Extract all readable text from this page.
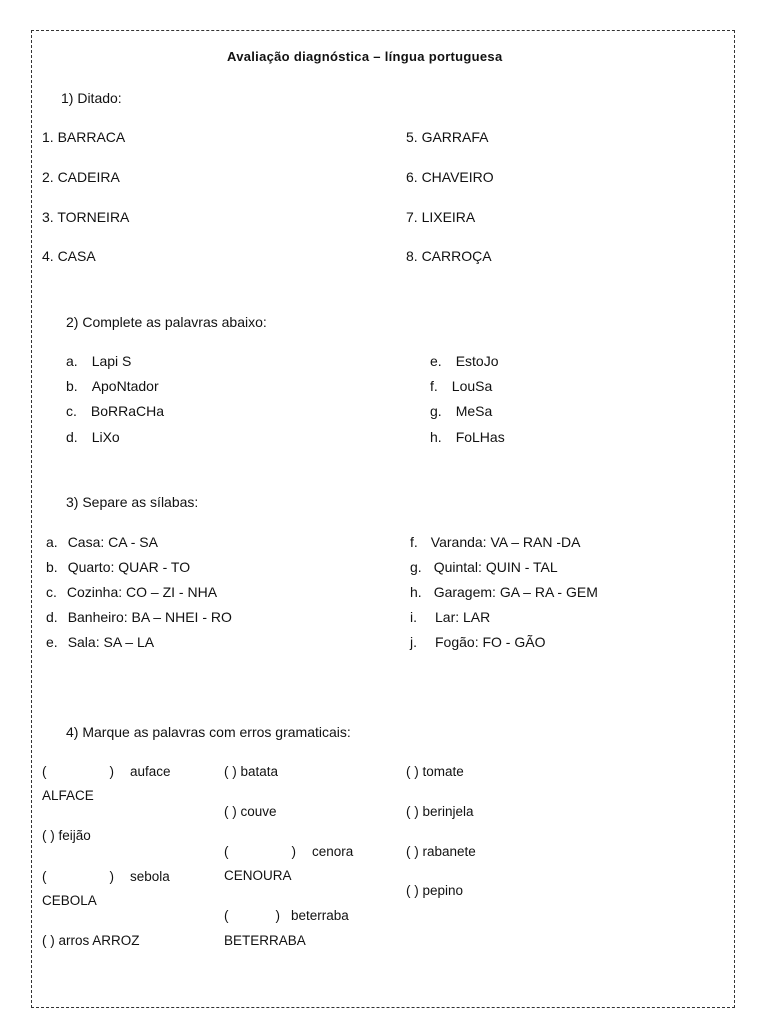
Avaliação diagnóstica – língua portuguesa
1) Ditado:
1. BARRACA
2. CADEIRA
3. TORNEIRA
4. CASA
5. GARRAFA
6. CHAVEIRO
7. LIXEIRA
8. CARROÇA
2) Complete as palavras abaixo:
a. Lapi S
b. ApoNtador
c. BoRRaCHa
d. LiXo
e. EstoJo
f. LouSa
g. MeSa
h. FoLHas
3) Separe as sílabas:
a. Casa: CA - SA
b. Quarto: QUAR - TO
c. Cozinha: CO – ZI - NHA
d. Banheiro: BA – NHEI - RO
e. Sala: SA – LA
f. Varanda: VA – RAN -DA
g. Quintal: QUIN - TAL
h. Garagem: GA – RA - GEM
i. Lar: LAR
j. Fogão: FO - GÃO
4) Marque as palavras com erros gramaticais:
(	) auface
ALFACE
( ) feijão
(	) sebola
CEBOLA
( ) arros ARROZ
( ) batata
( ) couve
(	) cenora
CENOURA
(	) beterraba
BETERRABA
( ) tomate
( ) berinjela
( ) rabanete
( ) pepino
